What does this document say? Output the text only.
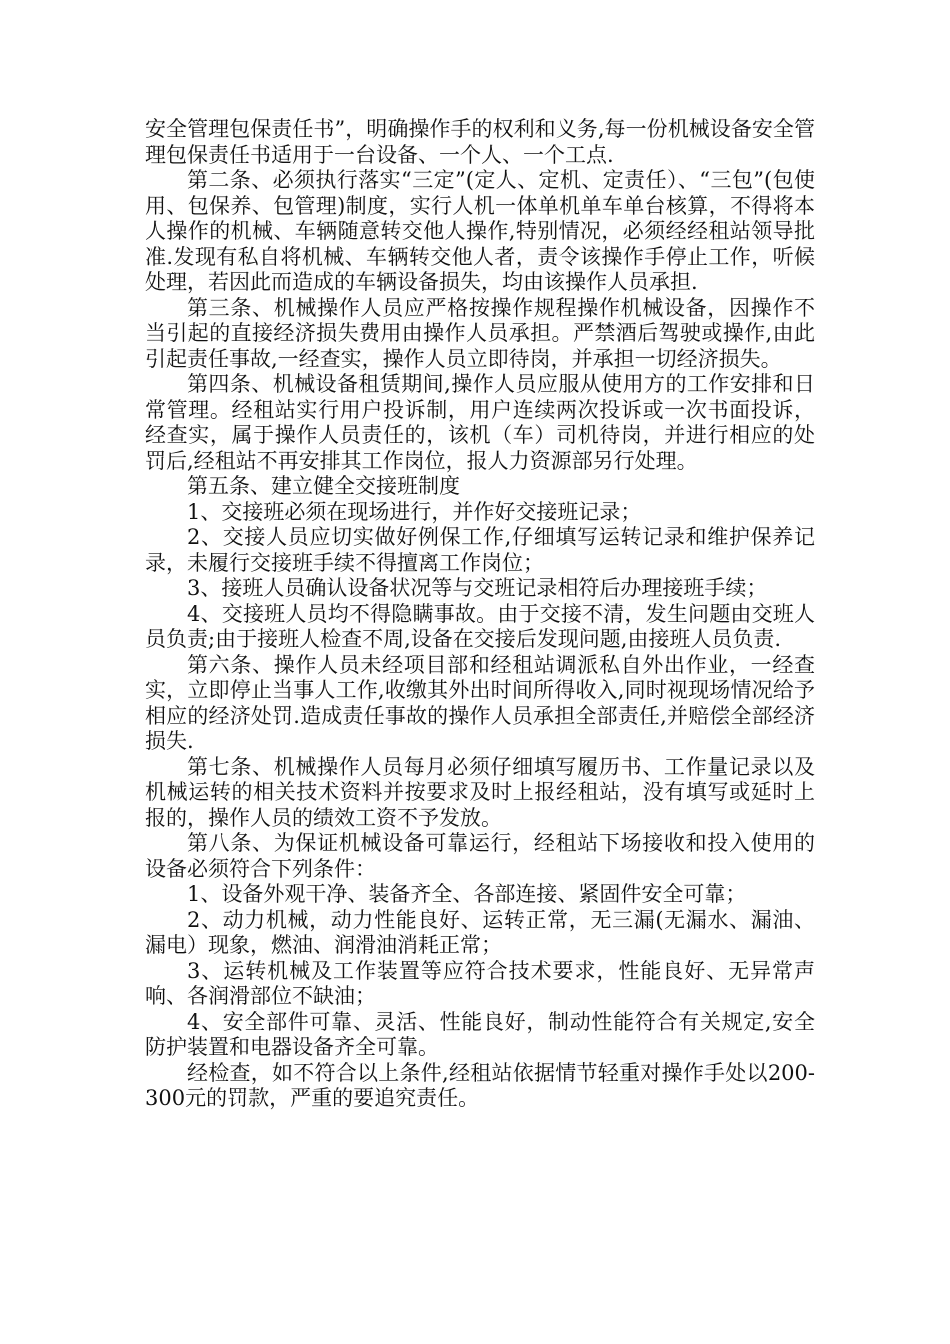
安全管理包保责任书”，明确操作手的权利和义务,每一份机械设备安全管理包保责任书适用于一台设备、一个人、一个工点.

第二条、必须执行落实“三定”(定人、定机、定责任）、“三包”(包使用、包保养、包管理)制度，实行人机一体单机单车单台核算，不得将本人操作的机械、车辆随意转交他人操作,特别情况，必须经经租站领导批准.发现有私自将机械、车辆转交他人者，责令该操作手停止工作，听候处理，若因此而造成的车辆设备损失，均由该操作人员承担.

第三条、机械操作人员应严格按操作规程操作机械设备，因操作不当引起的直接经济损失费用由操作人员承担。严禁酒后驾驶或操作,由此引起责任事故,一经查实，操作人员立即待岗，并承担一切经济损失。

第四条、机械设备租赁期间,操作人员应服从使用方的工作安排和日常管理。经租站实行用户投诉制，用户连续两次投诉或一次书面投诉，经查实，属于操作人员责任的，该机（车）司机待岗，并进行相应的处罚后,经租站不再安排其工作岗位，报人力资源部另行处理。

第五条、建立健全交接班制度

1、交接班必须在现场进行，并作好交接班记录；

2、交接人员应切实做好例保工作,仔细填写运转记录和维护保养记录，未履行交接班手续不得擅离工作岗位；

3、接班人员确认设备状况等与交班记录相符后办理接班手续；

4、交接班人员均不得隐瞒事故。由于交接不清，发生问题由交班人员负责;由于接班人检查不周,设备在交接后发现问题,由接班人员负责.

第六条、操作人员未经项目部和经租站调派私自外出作业，一经查实，立即停止当事人工作,收缴其外出时间所得收入,同时视现场情况给予相应的经济处罚.造成责任事故的操作人员承担全部责任,并赔偿全部经济损失.

第七条、机械操作人员每月必须仔细填写履历书、工作量记录以及机械运转的相关技术资料并按要求及时上报经租站，没有填写或延时上报的，操作人员的绩效工资不予发放。

第八条、为保证机械设备可靠运行，经租站下场接收和投入使用的设备必须符合下列条件：

1、设备外观干净、装备齐全、各部连接、紧固件安全可靠；

2、动力机械，动力性能良好、运转正常，无三漏(无漏水、漏油、漏电）现象，燃油、润滑油消耗正常；

3、运转机械及工作装置等应符合技术要求，性能良好、无异常声响、各润滑部位不缺油；

4、安全部件可靠、灵活、性能良好，制动性能符合有关规定,安全防护装置和电器设备齐全可靠。

经检查，如不符合以上条件,经租站依据情节轻重对操作手处以200-300元的罚款，严重的要追究责任。
